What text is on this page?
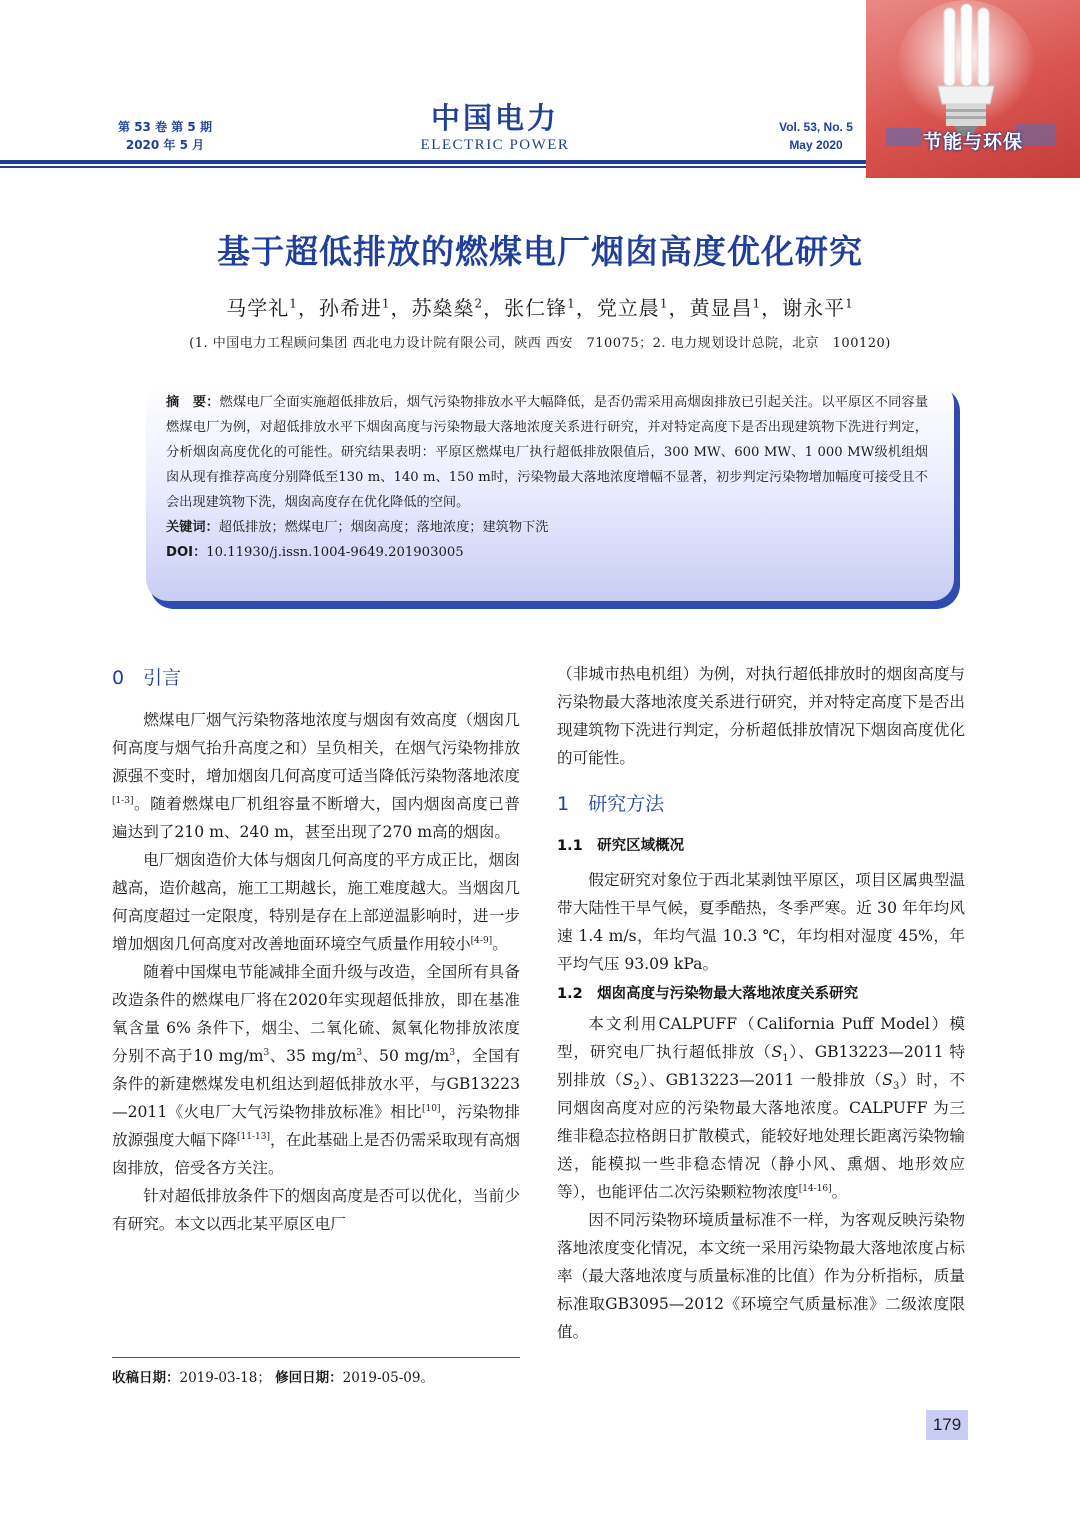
第 53 卷 第 5 期
2020 年 5 月
中国电力
ELECTRIC POWER
Vol. 53, No. 5
May 2020	节能与环保
基于超低排放的燃煤电厂烟囱高度优化研究
马学礼$^1$，孙希进$^1$，苏燊燊$^2$，张仁锋$^1$，党立晨$^1$，黄显昌$^1$，谢永平$^1$
(1. 中国电力工程顾问集团 西北电力设计院有限公司，陕西 西安　710075；2. 电力规划设计总院，北京　100120)

摘　要：燃煤电厂全面实施超低排放后，烟气污染物排放水平大幅降低，是否仍需采用高烟囱排放已引起关注。以平原区不同容量燃煤电厂为例，对超低排放水平下烟囱高度与污染物最大落地浓度关系进行研究，并对特定高度下是否出现建筑物下洗进行判定，分析烟囱高度优化的可能性。研究结果表明：平原区燃煤电厂执行超低排放限值后，300 MW、600 MW、1 000 MW级机组烟囱从现有推荐高度分别降低至130 m、140 m、150 m时，污染物最大落地浓度增幅不显著，初步判定污染物增加幅度可接受且不会出现建筑物下洗，烟囱高度存在优化降低的空间。

关键词：超低排放；燃煤电厂；烟囱高度；落地浓度；建筑物下洗

DOI：10.11930/j.issn.1004-9649.201903005

0　引言

燃煤电厂烟气污染物落地浓度与烟囱有效高度（烟囱几何高度与烟气抬升高度之和）呈负相关，在烟气污染物排放源强不变时，增加烟囱几何高度可适当降低污染物落地浓度[1-3]。随着燃煤电厂机组容量不断增大，国内烟囱高度已普遍达到了210 m、240 m，甚至出现了270 m高的烟囱。

电厂烟囱造价大体与烟囱几何高度的平方成正比，烟囱越高，造价越高，施工工期越长，施工难度越大。当烟囱几何高度超过一定限度，特别是存在上部逆温影响时，进一步增加烟囱几何高度对改善地面环境空气质量作用较小[4-9]。

随着中国煤电节能减排全面升级与改造，全国所有具备改造条件的燃煤电厂将在2020年实现超低排放，即在基准氧含量 6% 条件下，烟尘、二氧化硫、氮氧化物排放浓度分别不高于10 $mg/m^3$、35 $mg/m^3$、50 $mg/m^3$，全国有条件的新建燃煤发电机组达到超低排放水平，与GB13223—2011《火电厂大气污染物排放标准》相比[10]，污染物排放源强度大幅下降[11-13]，在此基础上是否仍需采取现有高烟囱排放，倍受各方关注。

针对超低排放条件下的烟囱高度是否可以优化，当前少有研究。本文以西北某平原区电厂

收稿日期：2019-03-18； 修回日期：2019-05-09。

（非城市热电机组）为例，对执行超低排放时的烟囱高度与污染物最大落地浓度关系进行研究，并对特定高度下是否出现建筑物下洗进行判定，分析超低排放情况下烟囱高度优化的可能性。

1　研究方法
1.1　研究区域概况

假定研究对象位于西北某剥蚀平原区，项目区属典型温带大陆性干旱气候，夏季酷热，冬季严寒。近 30 年年均风速 1.4 m/s，年均气温 10.3 ℃，年均相对湿度 45%，年平均气压 93.09 kPa。

1.2　烟囱高度与污染物最大落地浓度关系研究

本文利用CALPUFF（California Puff Model）模型，研究电厂执行超低排放$(S_1)$、GB13223—2011 特别排放$(S_2)$、GB13223—2011 一般排放$(S_3)$时，不同烟囱高度对应的污染物最大落地浓度。CALPUFF 为三维非稳态拉格朗日扩散模式，能较好地处理长距离污染物输送，能模拟一些非稳态情况（静小风、熏烟、地形效应等），也能评估二次污染颗粒物浓度[14-16]。

因不同污染物环境质量标准不一样，为客观反映污染物落地浓度变化情况，本文统一采用污染物最大落地浓度占标率（最大落地浓度与质量标准的比值）作为分析指标，质量标准取GB3095—2012《环境空气质量标准》二级浓度限值。

179
